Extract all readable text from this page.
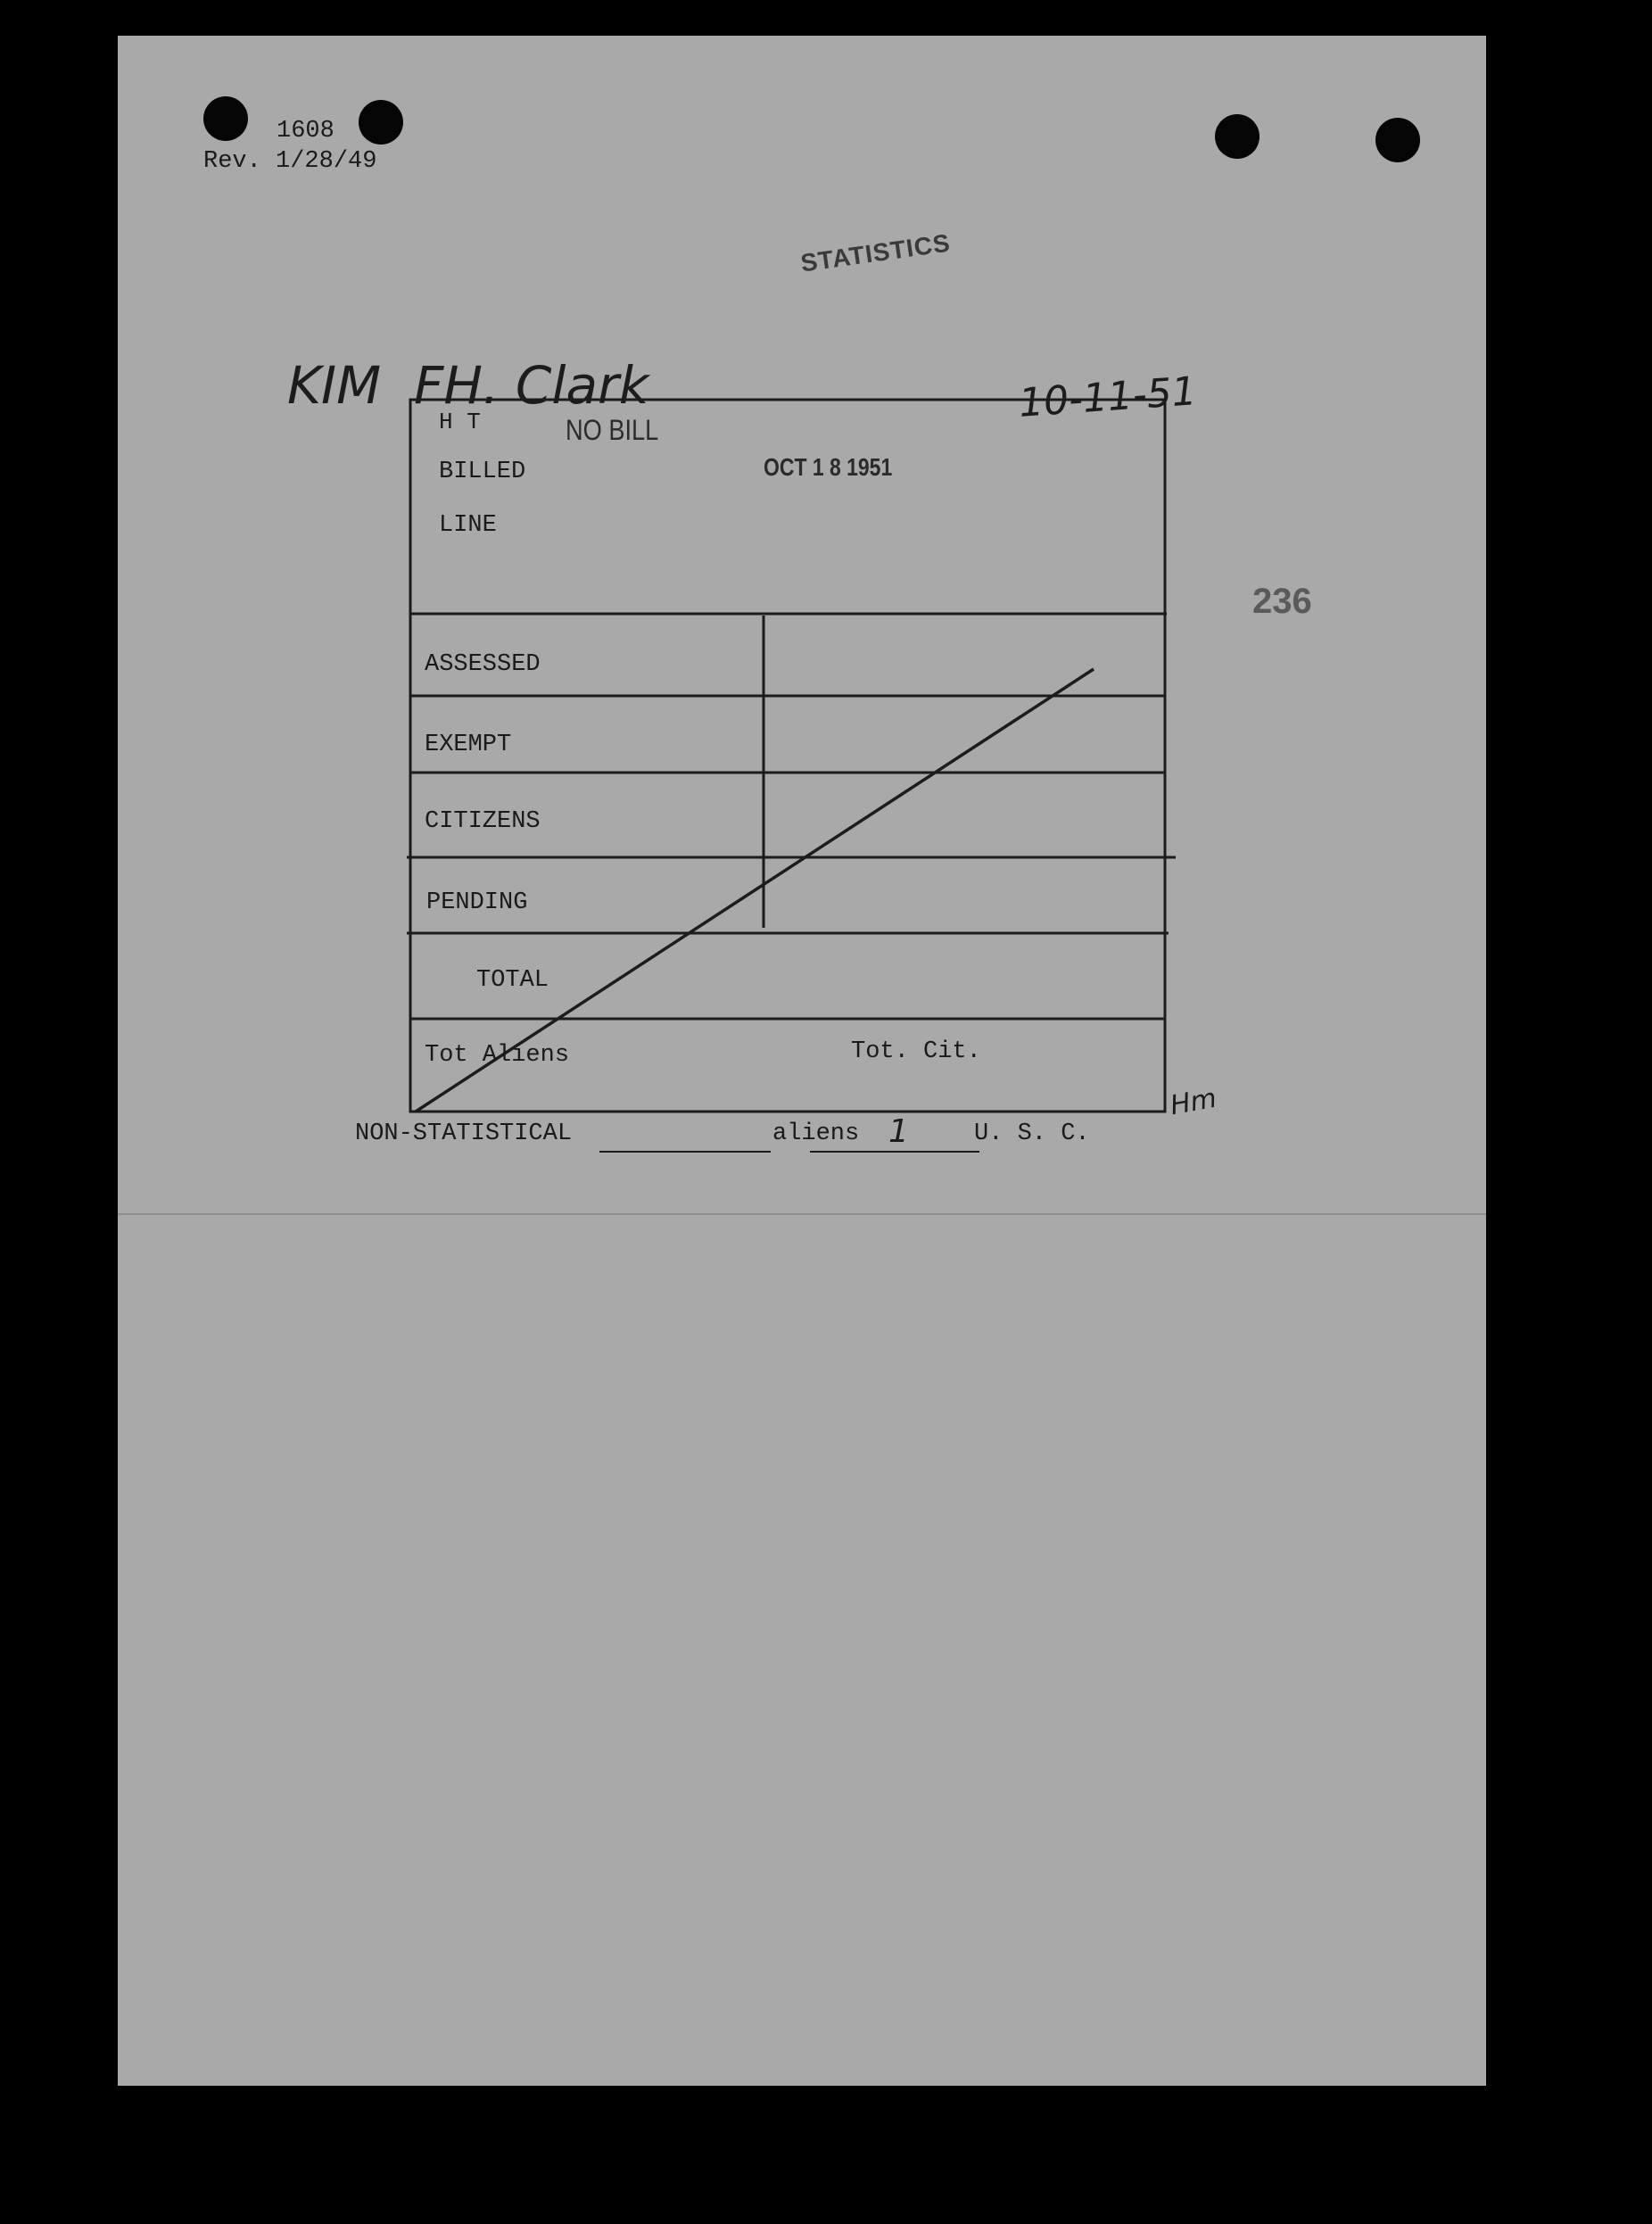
1608
Rev. 1/28/49
STATISTICS
KIM  FH. Clark	10-11-51
236
H T	NO BILL
BILLED	OCT 1 8 1951
LINE
ASSESSED
EXEMPT
CITIZENS
PENDING
TOTAL
Tot Aliens	Tot. Cit.
Hm
NON-STATISTICAL	aliens 1	U. S. C.
